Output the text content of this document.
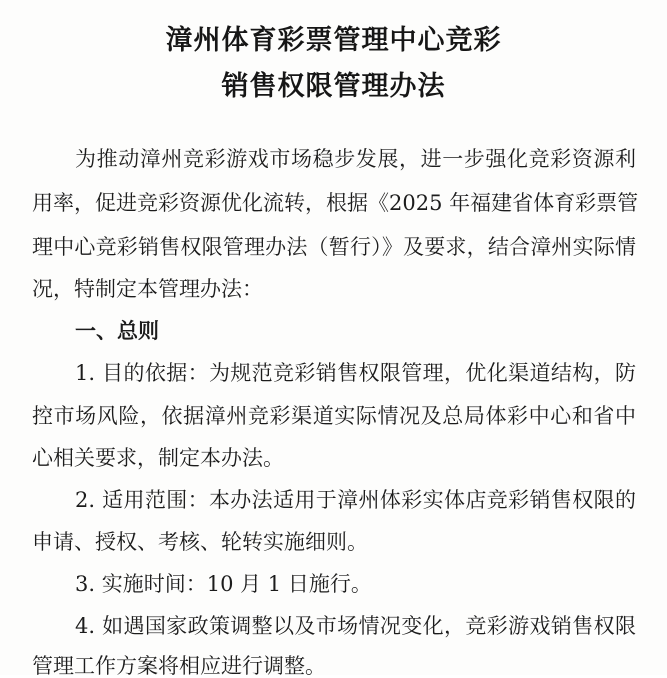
漳州体育彩票管理中心竞彩
销售权限管理办法
为推动漳州竞彩游戏市场稳步发展，进一步强化竞彩资源利
用率，促进竞彩资源优化流转，根据《2025 年福建省体育彩票管
理中心竞彩销售权限管理办法（暂行）》及要求，结合漳州实际情
况，特制定本管理办法：
一、总则
1. 目的依据：为规范竞彩销售权限管理，优化渠道结构，防
控市场风险，依据漳州竞彩渠道实际情况及总局体彩中心和省中
心相关要求，制定本办法。
2. 适用范围：本办法适用于漳州体彩实体店竞彩销售权限的
申请、授权、考核、轮转实施细则。
3. 实施时间：10 月 1 日施行。
4. 如遇国家政策调整以及市场情况变化，竞彩游戏销售权限
管理工作方案将相应进行调整。
